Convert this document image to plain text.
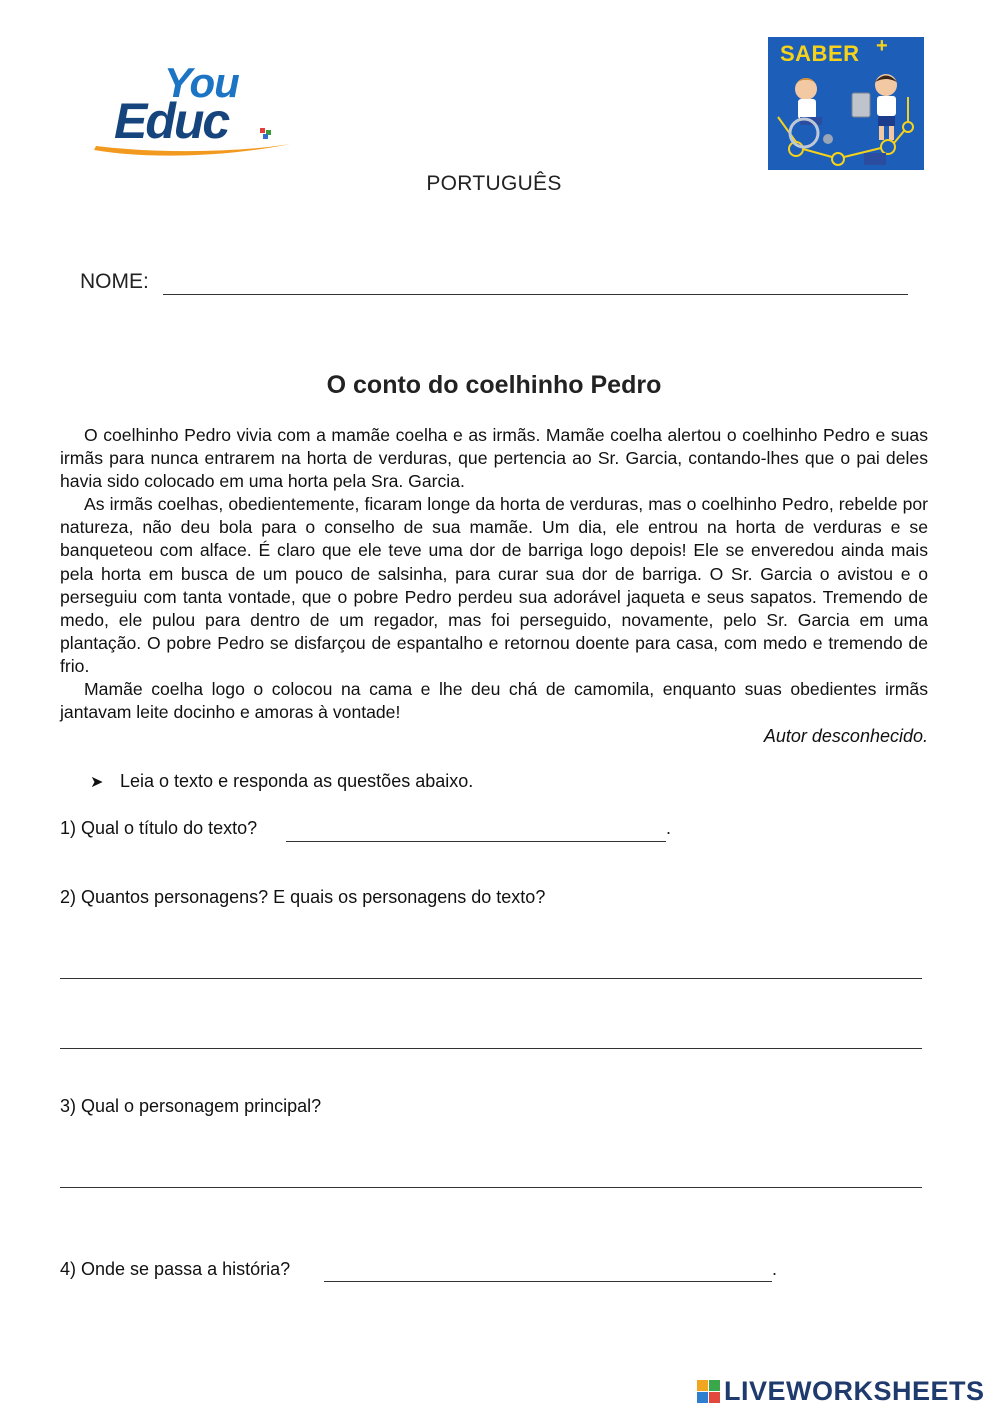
You
Educ
SABER +
PORTUGUÊS
NOME:
O conto do coelhinho Pedro

O coelhinho Pedro vivia com a mamãe coelha e as irmãs. Mamãe coelha alertou o coelhinho Pedro e suas irmãs para nunca entrarem na horta de verduras, que pertencia ao Sr. Garcia, contando-lhes que o pai deles havia sido colocado em uma horta pela Sra. Garcia.

As irmãs coelhas, obedientemente, ficaram longe da horta de verduras, mas o coelhinho Pedro, rebelde por natureza, não deu bola para o conselho de sua mamãe. Um dia, ele entrou na horta de verduras e se banqueteou com alface. É claro que ele teve uma dor de barriga logo depois! Ele se enveredou ainda mais pela horta em busca de um pouco de salsinha, para curar sua dor de barriga. O Sr. Garcia o avistou e o perseguiu com tanta vontade, que o pobre Pedro perdeu sua adorável jaqueta e seus sapatos. Tremendo de medo, ele pulou para dentro de um regador, mas foi perseguido, novamente, pelo Sr. Garcia em uma plantação. O pobre Pedro se disfarçou de espantalho e retornou doente para casa, com medo e tremendo de frio.

Mamãe coelha logo o colocou na cama e lhe deu chá de camomila, enquanto suas obedientes irmãs jantavam leite docinho e amoras à vontade!

Autor desconhecido.
➤ Leia o texto e responda as questões abaixo.
1) Qual o título do texto?	.
2) Quantos personagens? E quais os personagens do texto?
3) Qual o personagem principal?
4) Onde se passa a história?	.
LIVEWORKSHEETS
